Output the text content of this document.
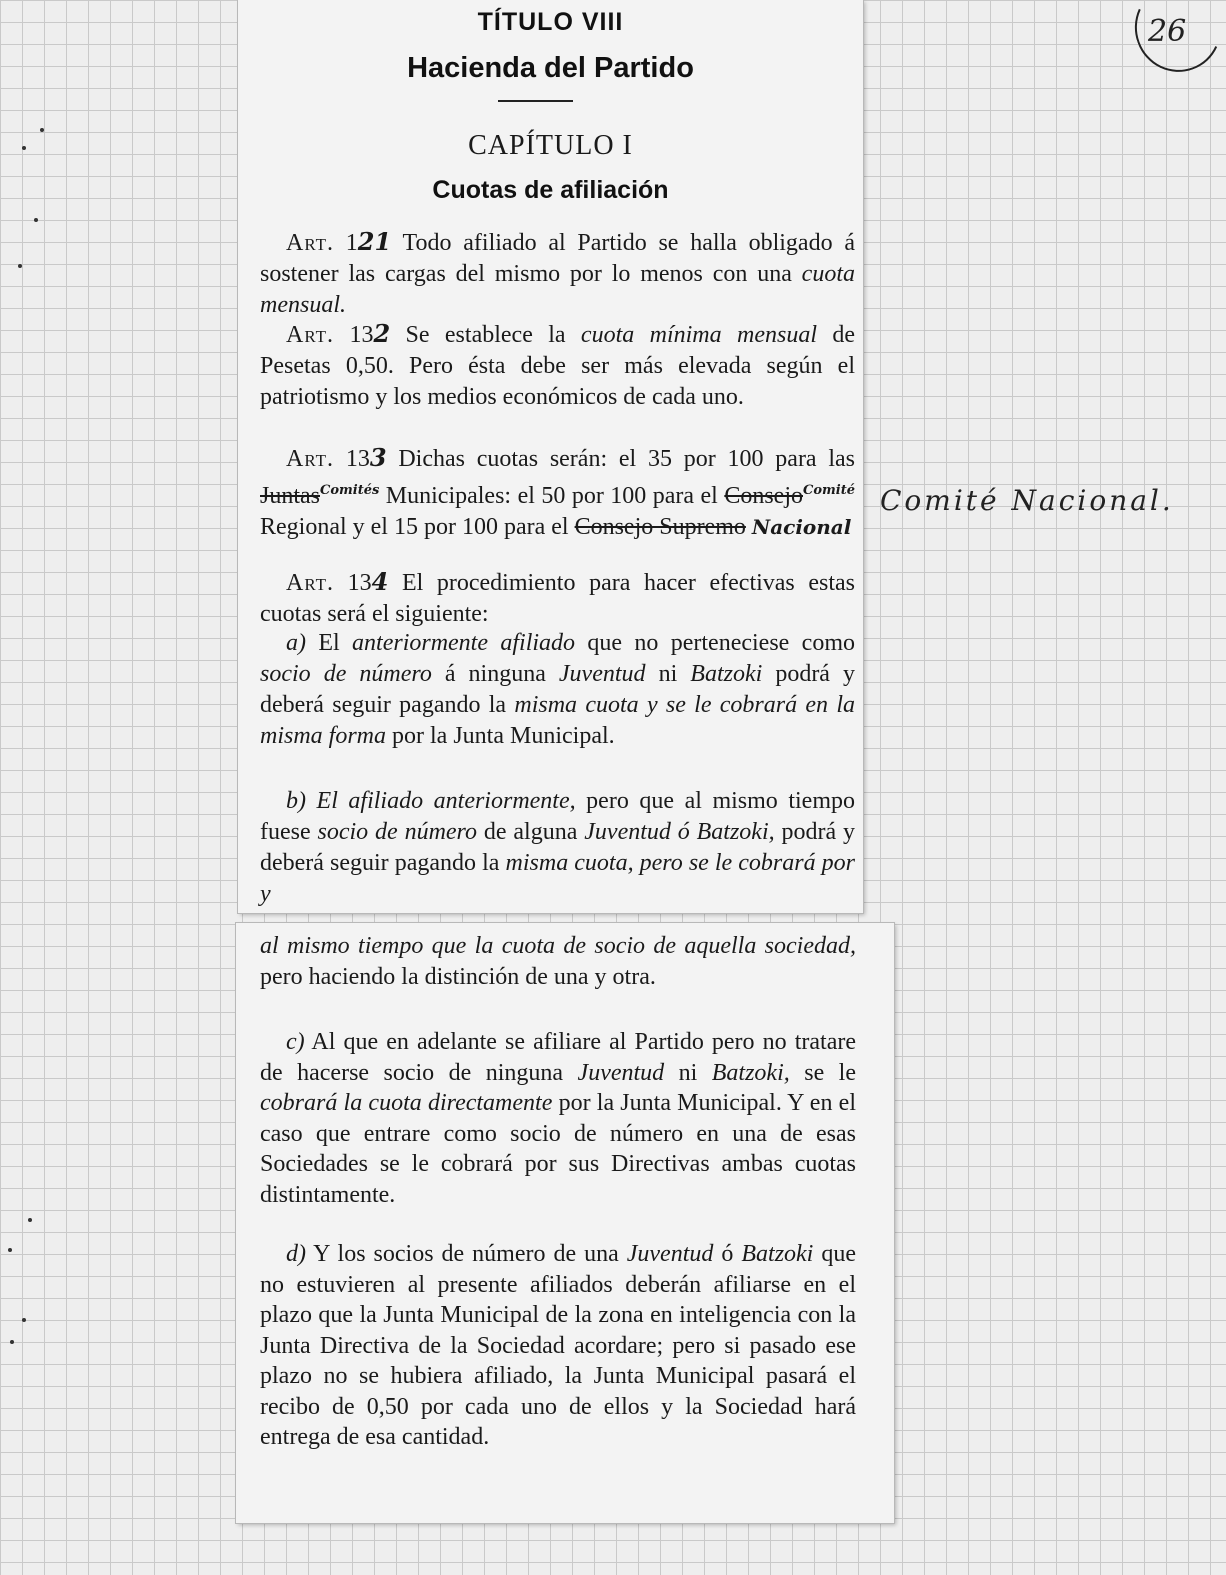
26
Comité Nacional.
TÍTULO VIII
Hacienda del Partido
CAPÍTULO I
Cuotas de afiliación
Art. 121 Todo afiliado al Partido se halla obligado á sostener las cargas del mismo por lo menos con una cuota mensual.
Art. 132 Se establece la cuota mínima mensual de Pesetas 0,50. Pero ésta debe ser más elevada según el patriotismo y los medios económicos de cada uno.
Art. 133 Dichas cuotas serán: el 35 por 100 para las Juntas$^{Comités}$ Municipales: el 50 por 100 para el Consejo$^{Comité}$ Regional y el 15 por 100 para el Consejo Supremo Nacional
Art. 134 El procedimiento para hacer efectivas estas cuotas será el siguiente:
a) El anteriormente afiliado que no perteneciese como socio de número á ninguna Juventud ni Batzoki podrá y deberá seguir pagando la misma cuota y se le cobrará en la misma forma por la Junta Municipal.
b) El afiliado anteriormente, pero que al mismo tiempo fuese socio de número de alguna Juventud ó Batzoki, podrá y deberá seguir pagando la misma cuota, pero se le cobrará por y
al mismo tiempo que la cuota de socio de aquella sociedad, pero haciendo la distinción de una y otra.
c) Al que en adelante se afiliare al Partido pero no tratare de hacerse socio de ninguna Juventud ni Batzoki, se le cobrará la cuota directamente por la Junta Municipal. Y en el caso que entrare como socio de número en una de esas Sociedades se le cobrará por sus Directivas ambas cuotas distintamente.
d) Y los socios de número de una Juventud ó Batzoki que no estuvieren al presente afiliados deberán afiliarse en el plazo que la Junta Municipal de la zona en inteligencia con la Junta Directiva de la Sociedad acordare; pero si pasado ese plazo no se hubiera afiliado, la Junta Municipal pasará el recibo de 0,50 por cada uno de ellos y la Sociedad hará entrega de esa cantidad.
